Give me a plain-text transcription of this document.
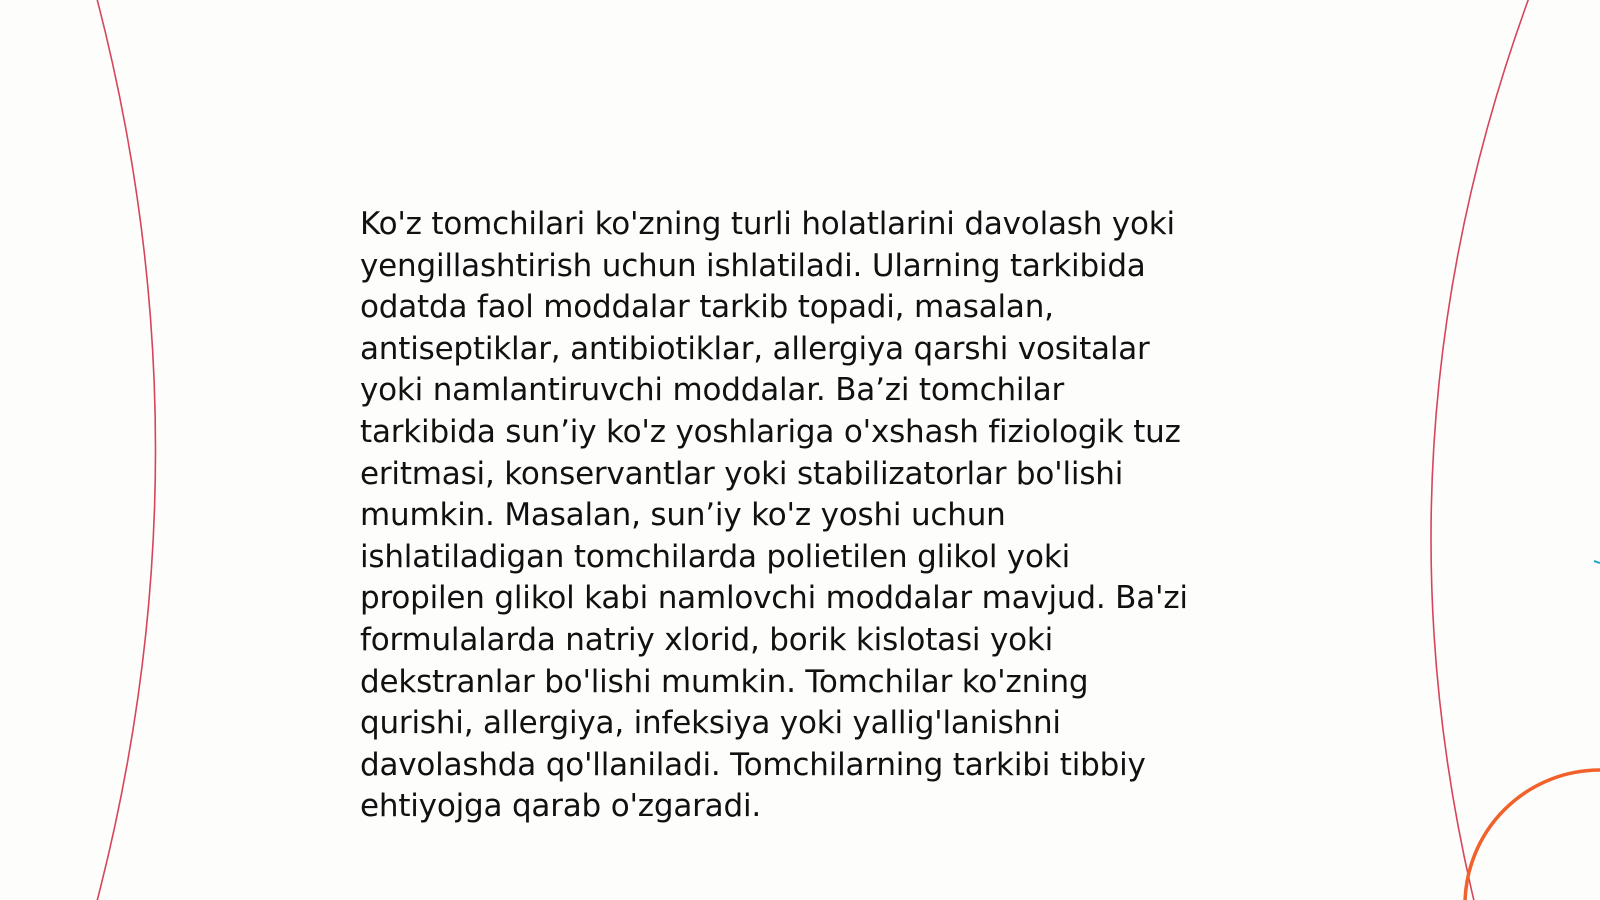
Ko'z tomchilari ko'zning turli holatlarini davolash yoki
yengillashtirish uchun ishlatiladi. Ularning tarkibida
odatda faol moddalar tarkib topadi, masalan,
antiseptiklar, antibiotiklar, allergiya qarshi vositalar
yoki namlantiruvchi moddalar. Ba’zi tomchilar
tarkibida sun’iy ko'z yoshlariga o'xshash fiziologik tuz
eritmasi, konservantlar yoki stabilizatorlar bo'lishi
mumkin. Masalan, sun’iy ko'z yoshi uchun
ishlatiladigan tomchilarda polietilen glikol yoki
propilen glikol kabi namlovchi moddalar mavjud. Ba'zi
formulalarda natriy xlorid, borik kislotasi yoki
dekstranlar bo'lishi mumkin. Tomchilar ko'zning
qurishi, allergiya, infeksiya yoki yallig'lanishni
davolashda qo'llaniladi. Tomchilarning tarkibi tibbiy
ehtiyojga qarab o'zgaradi.
